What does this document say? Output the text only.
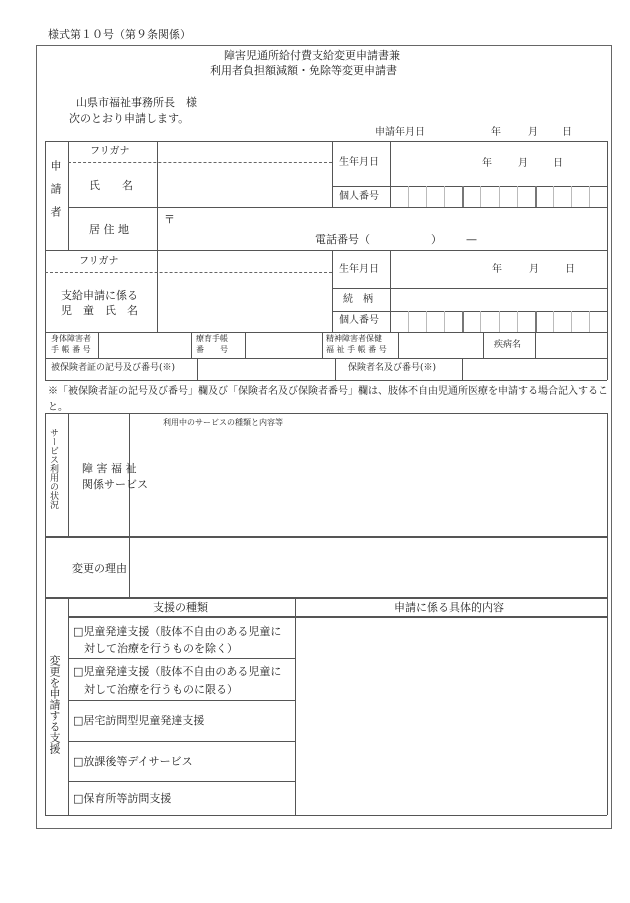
様式第１０号（第９条関係）
障害児通所給付費支給変更申請書兼
利用者負担額減額・免除等変更申請書
山県市福祉事務所長　様
次のとおり申請します。
申請年月日	年	月 日
申請者
フリガナ
氏　　名
生年月日	年	月	日
個人番号
居 住 地
〒
電話番号（	） —
フリガナ
支給申請に係る
児　童　氏　名
生年月日	年	月	日
続　柄
個人番号
身体障害者
手 帳 番 号
療育手帳
番　　号
精神障害者保健
福 祉 手 帳 番 号	疾病名
被保険者証の記号及び番号(※)	保険者名及び番号(※)
※「被保険者証の記号及び番号」欄及び「保険者名及び保険者番号」欄は、肢体不自由児通所医療を申請する場合記入すること。
サービス利用の状況 障 害 福 祉
関係サービス
利用中のサービスの種類と内容等
変更の理由
変更を申請する支援
支援の種類	申請に係る具体的内容
□児童発達支援（肢体不自由のある児童に
対して治療を行うものを除く）
□児童発達支援（肢体不自由のある児童に
対して治療を行うものに限る）
□居宅訪問型児童発達支援
□放課後等デイサービス
□保育所等訪問支援
